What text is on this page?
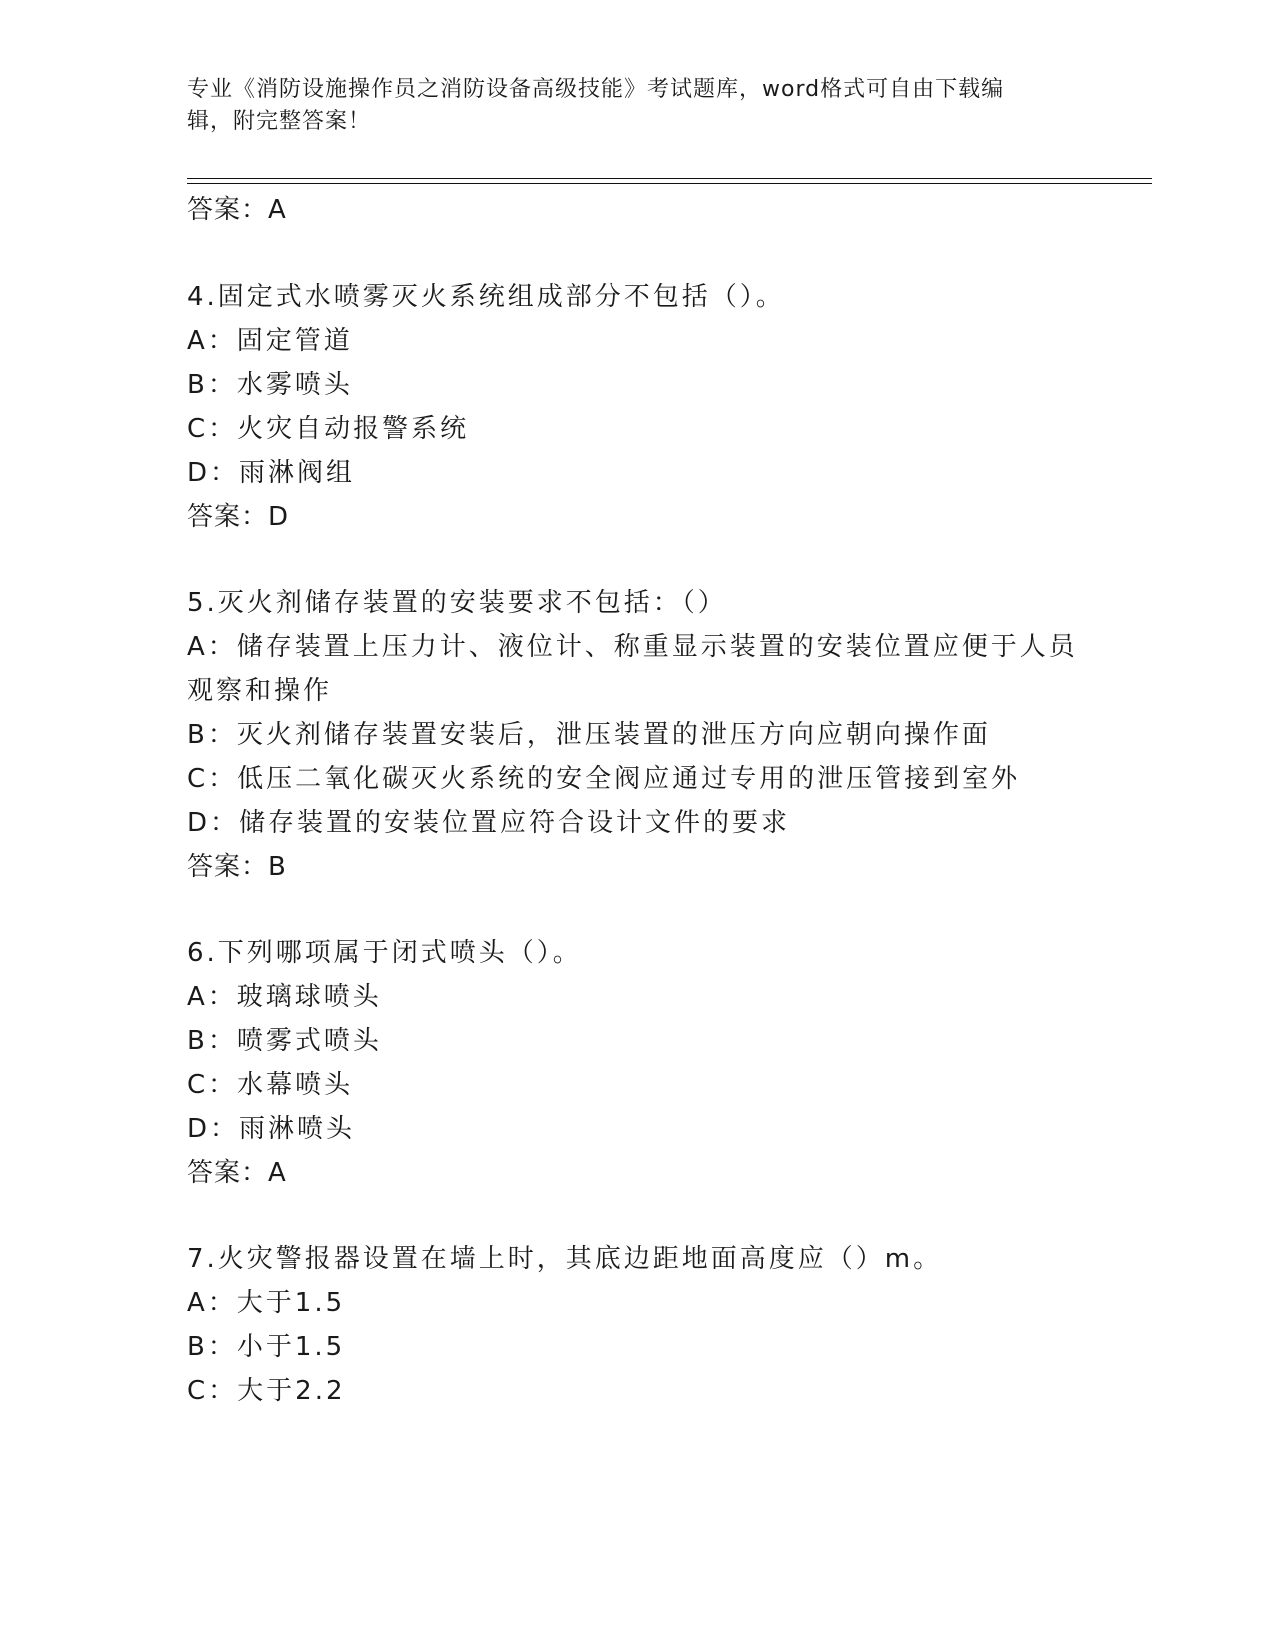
专业《消防设施操作员之消防设备高级技能》考试题库，word格式可自由下载编
辑，附完整答案！
答案：A
4.固定式水喷雾灭火系统组成部分不包括（）。
A：固定管道
B：水雾喷头
C：火灾自动报警系统
D：雨淋阀组
答案：D
5.灭火剂储存装置的安装要求不包括：（）
A：储存装置上压力计、液位计、称重显示装置的安装位置应便于人员
观察和操作
B：灭火剂储存装置安装后，泄压装置的泄压方向应朝向操作面
C：低压二氧化碳灭火系统的安全阀应通过专用的泄压管接到室外
D：储存装置的安装位置应符合设计文件的要求
答案：B
6.下列哪项属于闭式喷头（）。
A：玻璃球喷头
B：喷雾式喷头
C：水幕喷头
D：雨淋喷头
答案：A
7.火灾警报器设置在墙上时，其底边距地面高度应（）m。
A：大于1.5
B：小于1.5
C：大于2.2
